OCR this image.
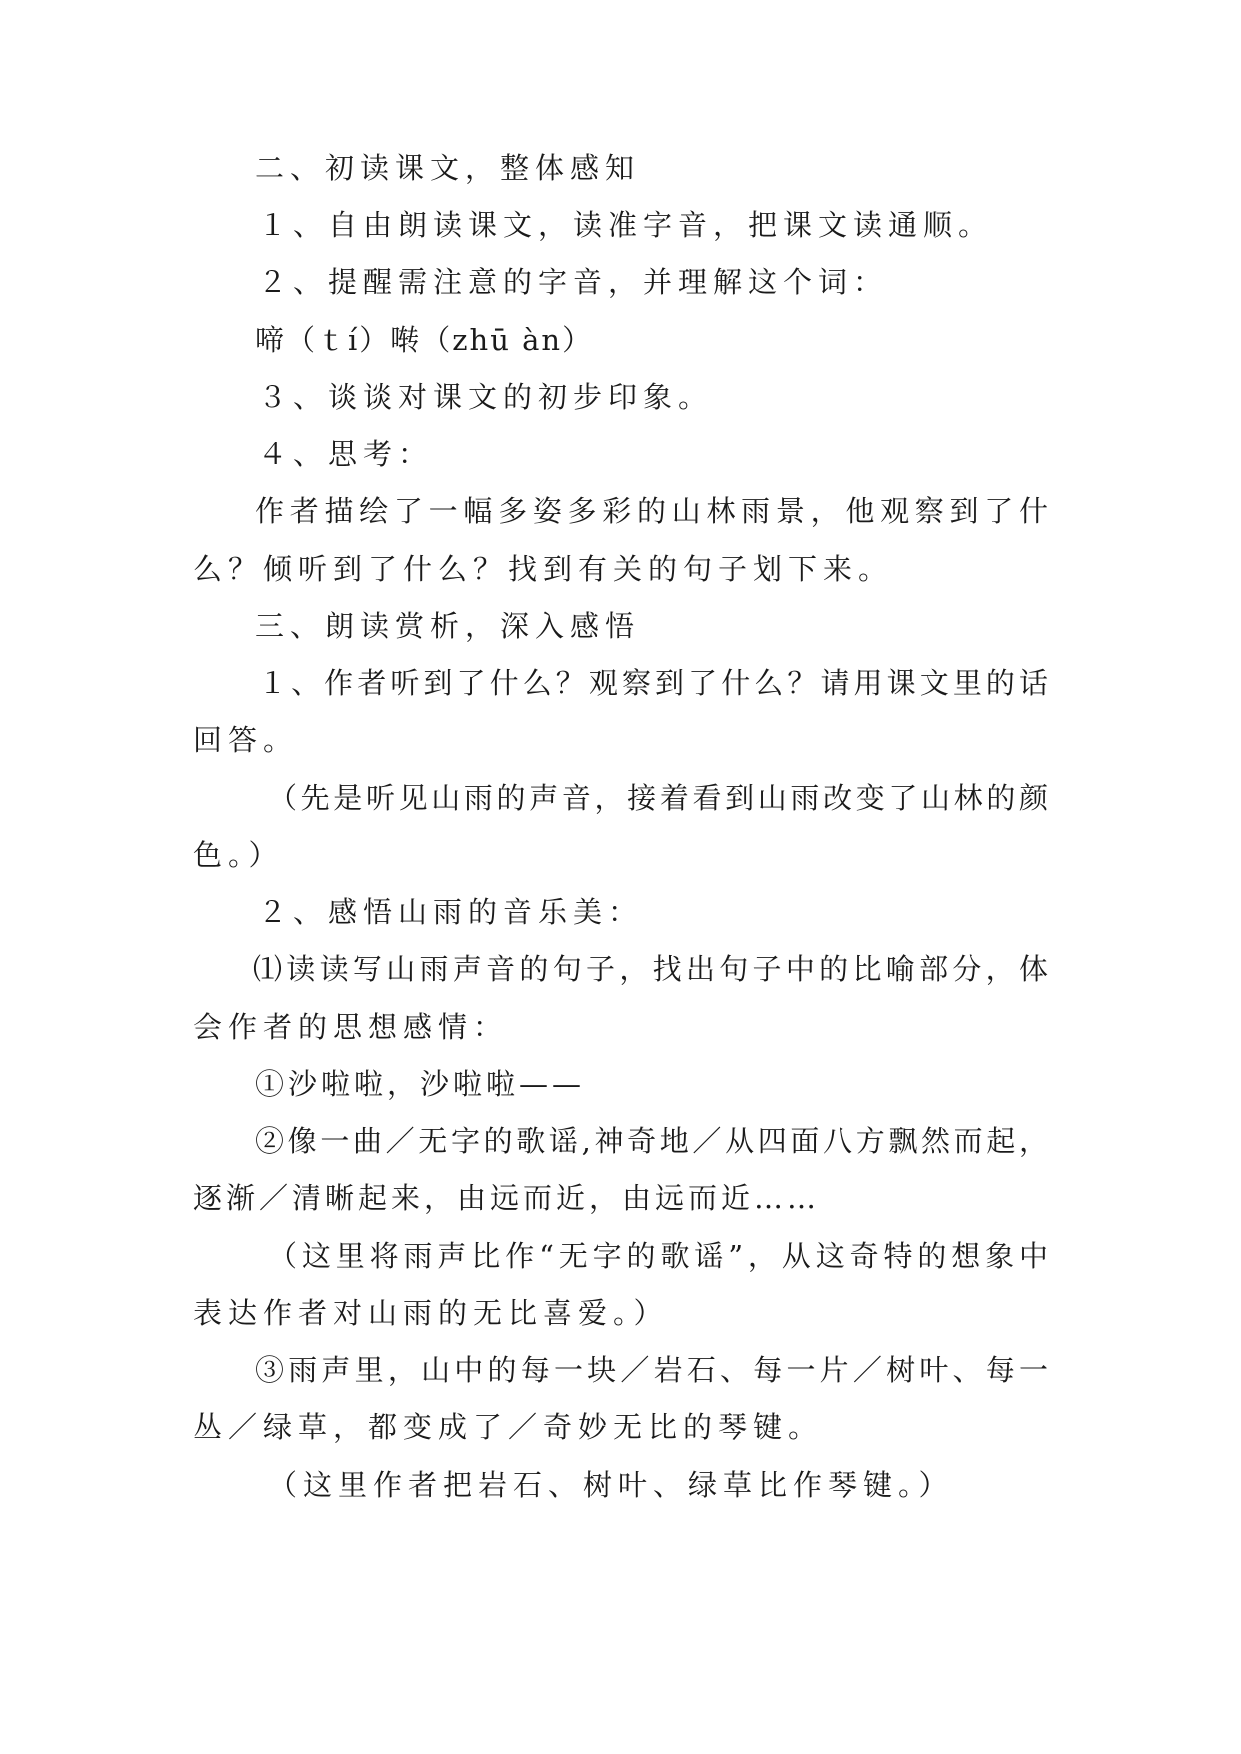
二、初读课文，整体感知
１、自由朗读课文，读准字音，把课文读通顺。
２、提醒需注意的字音，并理解这个词：
啼（ｔí）啭（zhū àn）
３、谈谈对课文的初步印象。
４、思考：
作者描绘了一幅多姿多彩的山林雨景，他观察到了什
么？倾听到了什么？找到有关的句子划下来。
三、朗读赏析，深入感悟
１、作者听到了什么？观察到了什么？请用课文里的话
回答。
（先是听见山雨的声音，接着看到山雨改变了山林的颜
色。）
２、感悟山雨的音乐美：
⑴读读写山雨声音的句子，找出句子中的比喻部分，体
会作者的思想感情：
①沙啦啦，沙啦啦——
②像一曲／无字的歌谣,神奇地／从四面八方飘然而起，
逐渐／清晰起来，由远而近，由远而近……
（这里将雨声比作“无字的歌谣”，从这奇特的想象中
表达作者对山雨的无比喜爱。）
③雨声里，山中的每一块／岩石、每一片／树叶、每一
丛／绿草，都变成了／奇妙无比的琴键。
（这里作者把岩石、树叶、绿草比作琴键。）
